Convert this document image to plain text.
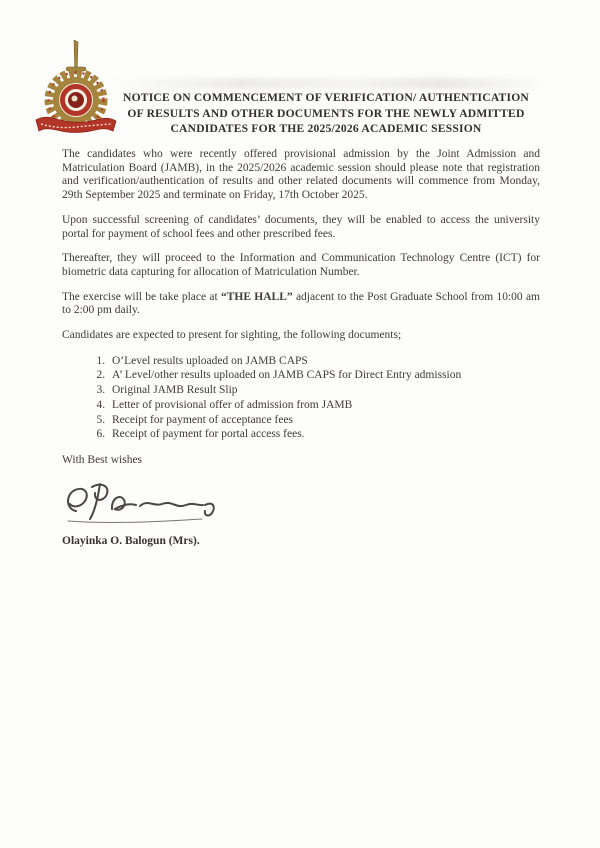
NOTICE ON COMMENCEMENT OF VERIFICATION/ AUTHENTICATION
OF RESULTS AND OTHER DOCUMENTS FOR THE NEWLY ADMITTED
CANDIDATES FOR THE 2025/2026 ACADEMIC SESSION

The candidates who were recently offered provisional admission by the Joint Admission and Matriculation Board (JAMB), in the 2025/2026 academic session should please note that registration and verification/authentication of results and other related documents will commence from Monday, 29th September 2025 and terminate on Friday, 17th October 2025.

Upon successful screening of candidates’ documents, they will be enabled to access the university portal for payment of school fees and other prescribed fees.

Thereafter, they will proceed to the Information and Communication Technology Centre (ICT) for biometric data capturing for allocation of Matriculation Number.

The exercise will be take place at “THE HALL” adjacent to the Post Graduate School from 10:00 am to 2:00 pm daily.

Candidates are expected to present for sighting, the following documents;

1. O’Level results uploaded on JAMB CAPS
2. A’ Level/other results uploaded on JAMB CAPS for Direct Entry admission
3. Original JAMB Result Slip
4. Letter of provisional offer of admission from JAMB
5. Receipt for payment of acceptance fees
6. Receipt of payment for portal access fees.

With Best wishes

Olayinka O. Balogun (Mrs).
